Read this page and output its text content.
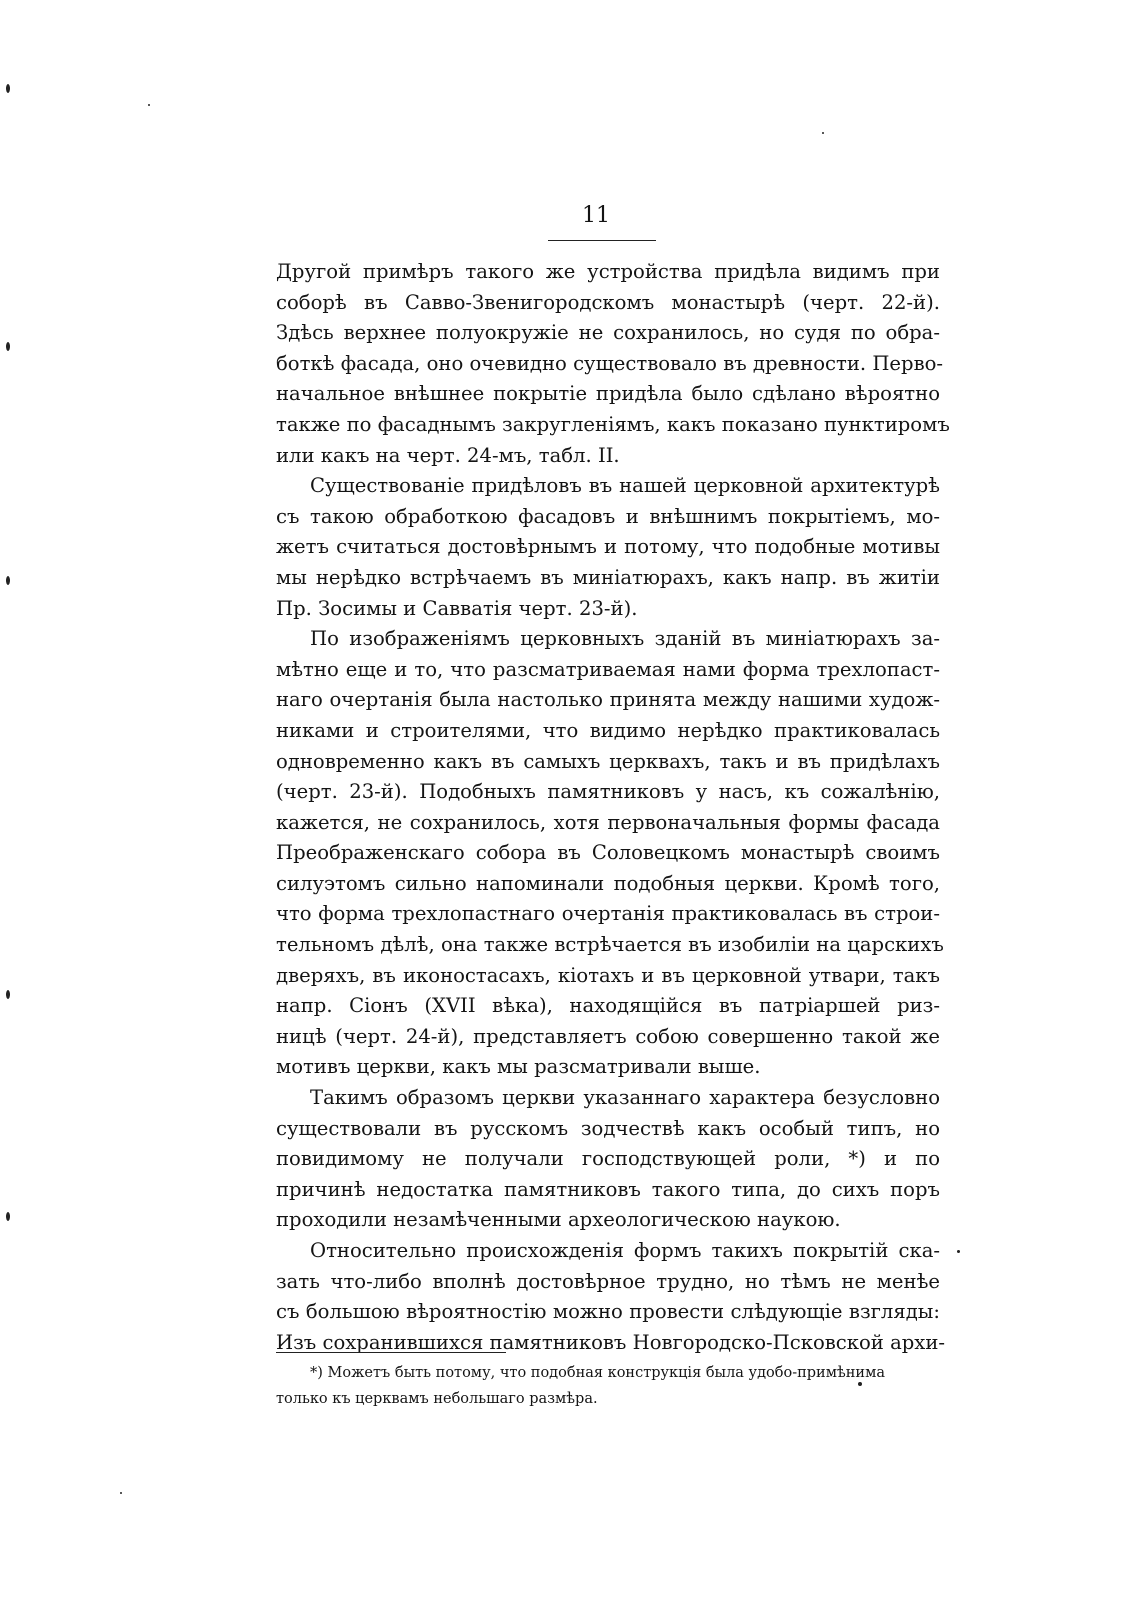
11
Другой примѣръ такого же устройства придѣла видимъ при
соборѣ въ Савво-Звенигородскомъ монастырѣ (черт. 22-й).
Здѣсь верхнее полуокружіе не сохранилось, но судя по обра-
боткѣ фасада, оно очевидно существовало въ древности. Перво-
начальное внѣшнее покрытіе придѣла было сдѣлано вѣроятно
также по фасаднымъ закругленіямъ, какъ показано пунктиромъ
или какъ на черт. 24-мъ, табл. II.
Существованіе придѣловъ въ нашей церковной архитектурѣ
съ такою обработкою фасадовъ и внѣшнимъ покрытіемъ, мо-
жетъ считаться достовѣрнымъ и потому, что подобные мотивы
мы нерѣдко встрѣчаемъ въ миніатюрахъ, какъ напр. въ житіи
Пр. Зосимы и Савватія черт. 23-й).
По изображеніямъ церковныхъ зданій въ миніатюрахъ за-
мѣтно еще и то, что разсматриваемая нами форма трехлопаст-
наго очертанія была настолько принята между нашими худож-
никами и строителями, что видимо нерѣдко практиковалась
одновременно какъ въ самыхъ церквахъ, такъ и въ придѣлахъ
(черт. 23-й). Подобныхъ памятниковъ у насъ, къ сожалѣнію,
кажется, не сохранилось, хотя первоначальныя формы фасада
Преображенскаго собора въ Соловецкомъ монастырѣ своимъ
силуэтомъ сильно напоминали подобныя церкви. Кромѣ того,
что форма трехлопастнаго очертанія практиковалась въ строи-
тельномъ дѣлѣ, она также встрѣчается въ изобиліи на царскихъ
дверяхъ, въ иконостасахъ, кіотахъ и въ церковной утвари, такъ
напр. Сіонъ (XVII вѣка), находящійся въ патріаршей риз-
ницѣ (черт. 24-й), представляетъ собою совершенно такой же
мотивъ церкви, какъ мы разсматривали выше.
Такимъ образомъ церкви указаннаго характера безусловно
существовали въ русскомъ зодчествѣ какъ особый типъ, но
повидимому не получали господствующей роли, *) и по
причинѣ недостатка памятниковъ такого типа, до сихъ поръ
проходили незамѣченными археологическою наукою.
Относительно происхожденія формъ такихъ покрытій ска-
зать что-либо вполнѣ достовѣрное трудно, но тѣмъ не менѣе
съ большою вѣроятностію можно провести слѣдующіе взгляды:
Изъ сохранившихся памятниковъ Новгородско-Псковской архи-
*) Можетъ быть потому, что подобная конструкція была удобо-примѣнима
только къ церквамъ небольшаго размѣра.
